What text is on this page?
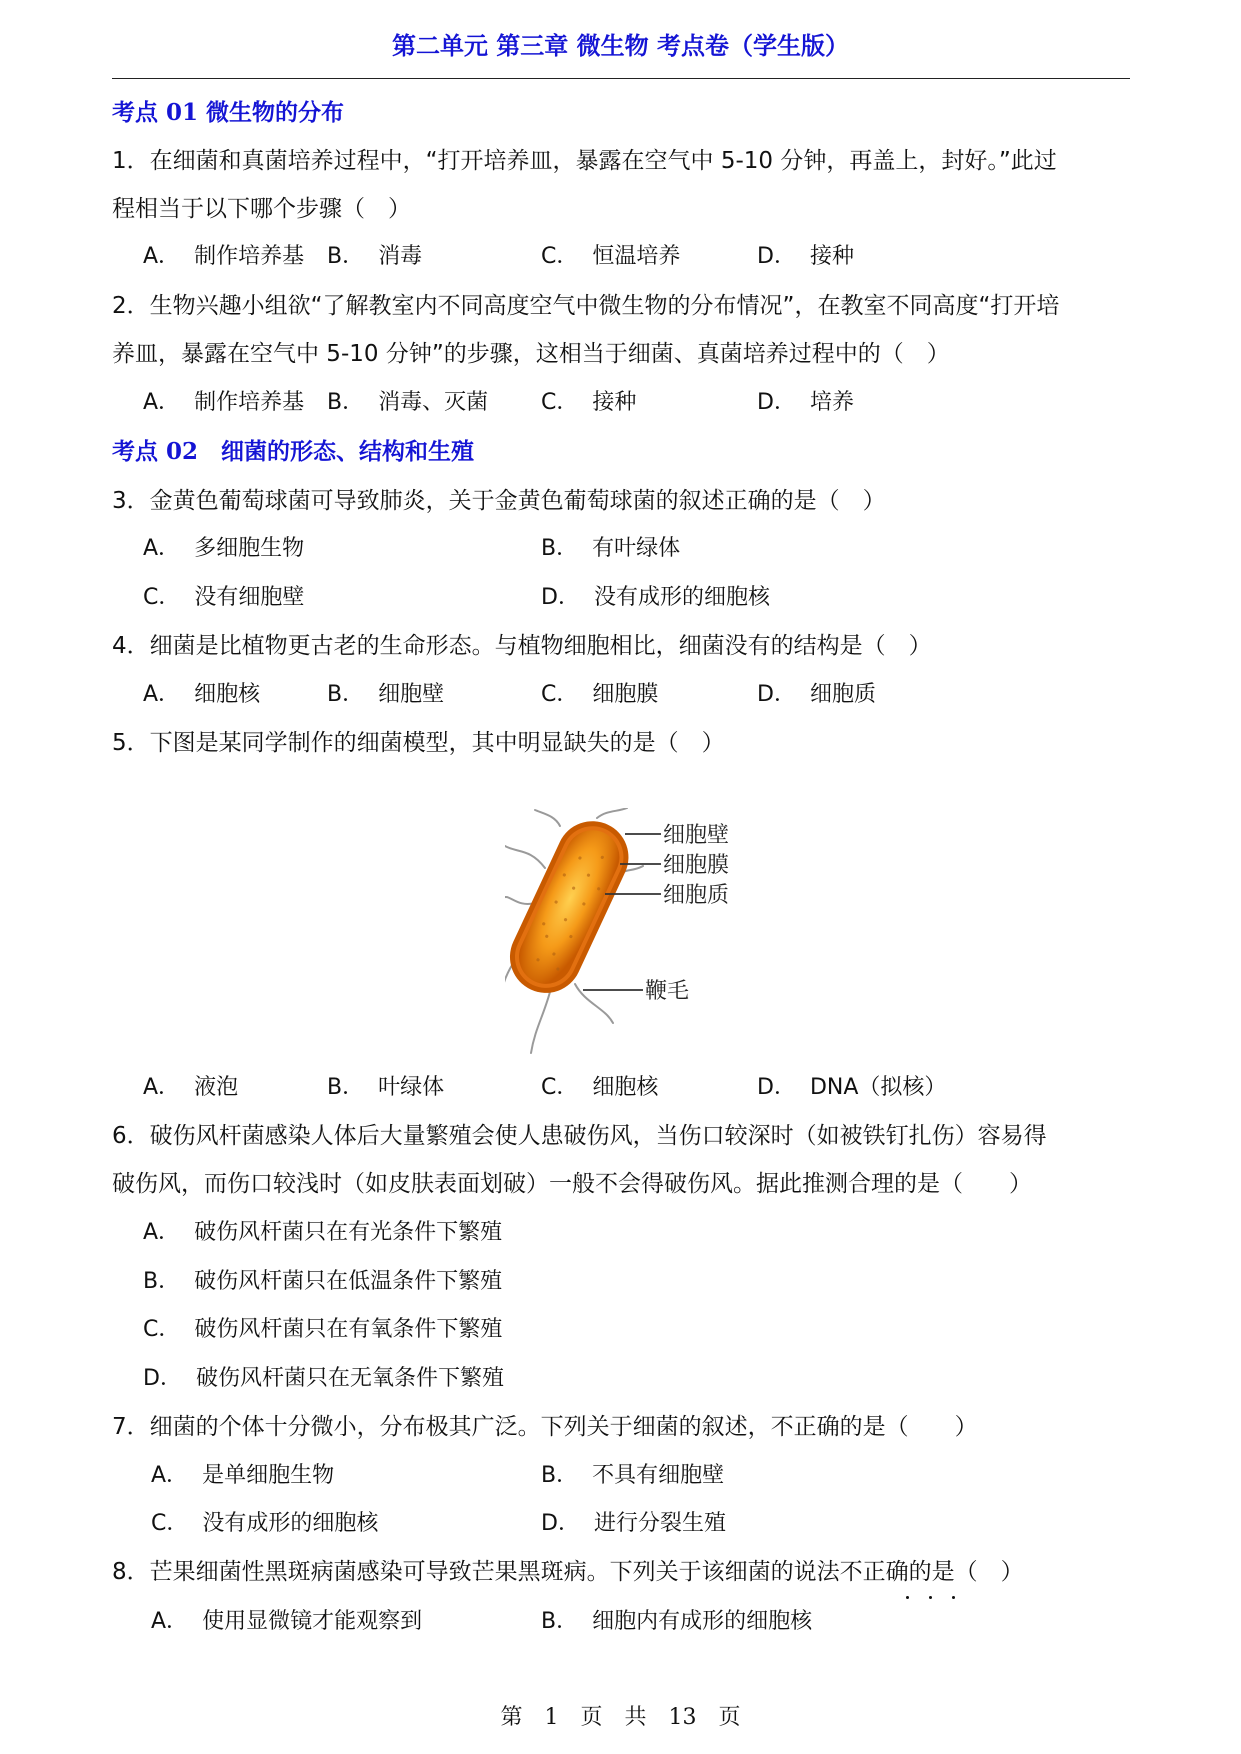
第二单元 第三章 微生物 考点卷（学生版）
考点 01 微生物的分布
1．在细菌和真菌培养过程中，“打开培养皿，暴露在空气中 5-10 分钟，再盖上，封好。”此过
程相当于以下哪个步骤（　）
A． 制作培养基 B． 消毒	C． 恒温培养	D． 接种
2．生物兴趣小组欲“了解教室内不同高度空气中微生物的分布情况”，在教室不同高度“打开培
养皿，暴露在空气中 5-10 分钟”的步骤，这相当于细菌、真菌培养过程中的（　）
A． 制作培养基 B． 消毒、灭菌 C． 接种	D． 培养
考点 02　细菌的形态、结构和生殖
3．金黄色葡萄球菌可导致肺炎，关于金黄色葡萄球菌的叙述正确的是（　）
A． 多细胞生物	B． 有叶绿体
C． 没有细胞壁	D． 没有成形的细胞核
4．细菌是比植物更古老的生命形态。与植物细胞相比，细菌没有的结构是（　）
A． 细胞核	B． 细胞壁	C． 细胞膜	D． 细胞质
5．下图是某同学制作的细菌模型，其中明显缺失的是（　）
细胞壁
细胞膜
细胞质
鞭毛
A． 液泡	B． 叶绿体	C． 细胞核	D． DNA（拟核）
6．破伤风杆菌感染人体后大量繁殖会使人患破伤风，当伤口较深时（如被铁钉扎伤）容易得
破伤风，而伤口较浅时（如皮肤表面划破）一般不会得破伤风。据此推测合理的是（　　）
A． 破伤风杆菌只在有光条件下繁殖
B． 破伤风杆菌只在低温条件下繁殖
C． 破伤风杆菌只在有氧条件下繁殖
D． 破伤风杆菌只在无氧条件下繁殖
7．细菌的个体十分微小，分布极其广泛。下列关于细菌的叙述，不正确的是（　　）
A． 是单细胞生物	B． 不具有细胞壁
C． 没有成形的细胞核	D． 进行分裂生殖
8．芒果细菌性黑斑病菌感染可导致芒果黑斑病。下列关于该细菌的说法不正确的是（　）
A． 使用显微镜才能观察到	B． 细胞内有成形的细胞核
第　1　页　共　13　页
